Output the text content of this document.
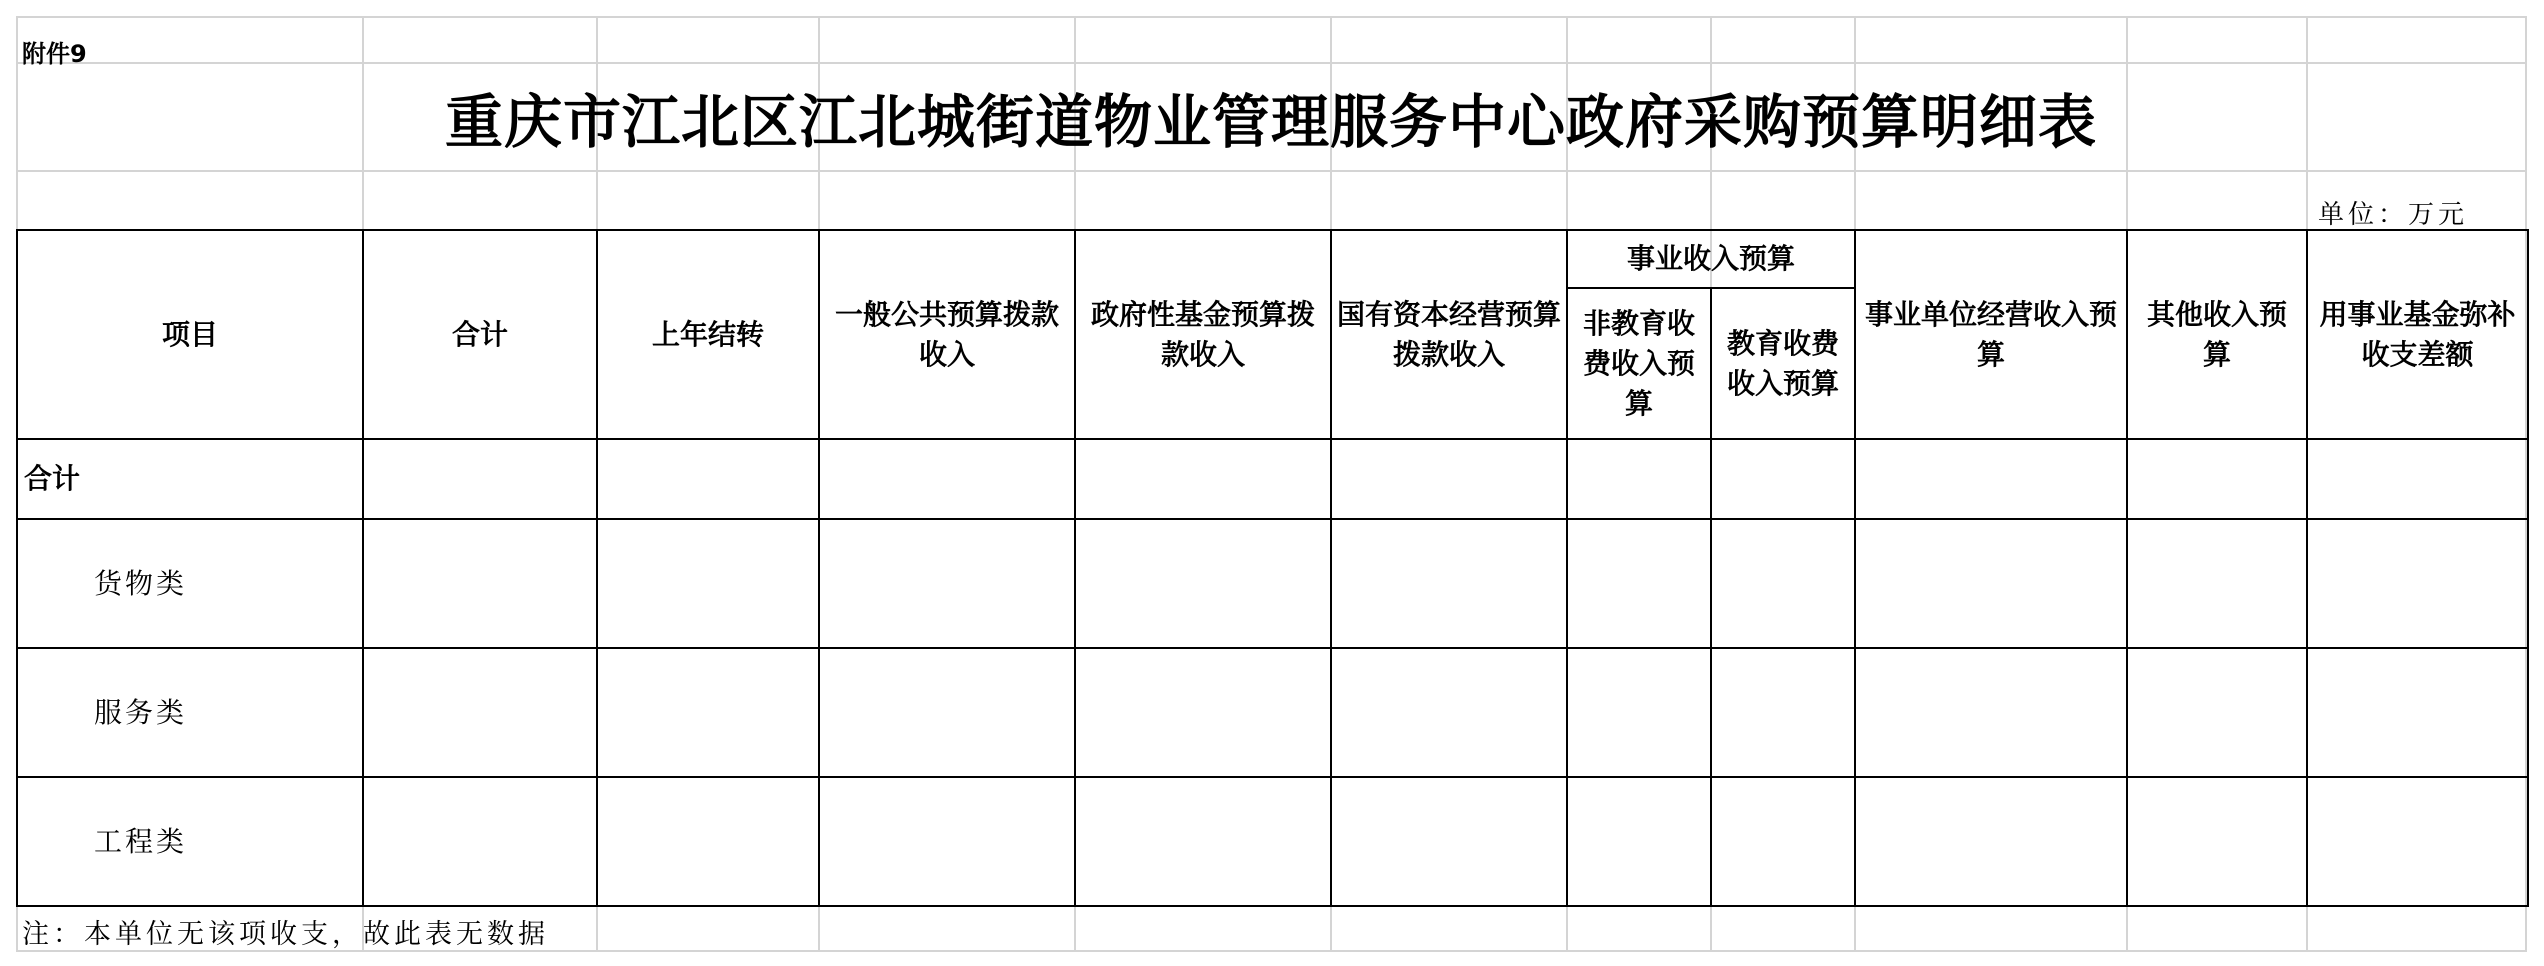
附件9
重庆市江北区江北城街道物业管理服务中心政府采购预算明细表
单位：万元
项目	合计	上年结转	一般公共预算拨款收入	政府性基金预算拨款收入	国有资本经营预算拨款收入	事业收入预算		事业单位经营收入预算	其他收入预算	用事业基金弥补收支差额
						非教育收费收入预算	教育收费收入预算			
合计										
货物类										
服务类										
工程类										
注：本单位无该项收支，故此表无数据
